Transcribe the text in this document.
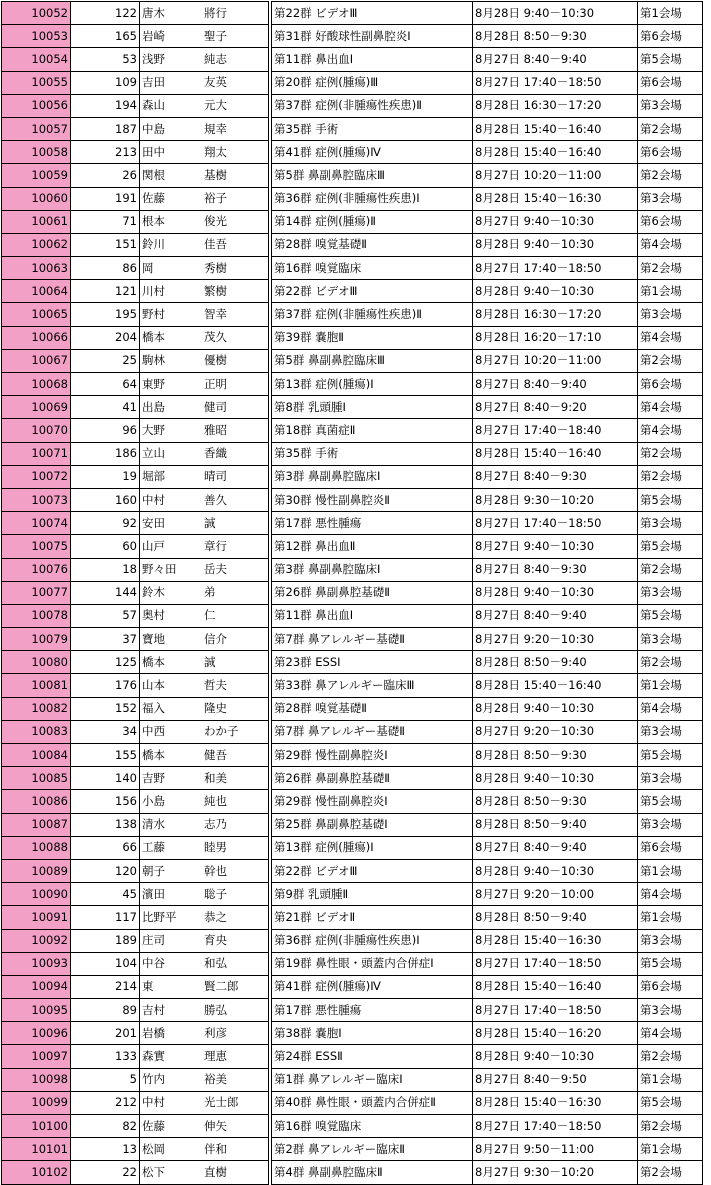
10052	122	唐木 將行		第22群 ビデオⅢ	8月28日 9:40－10:30	第1会場
10053	165	岩崎 聖子		第31群 好酸球性副鼻腔炎Ⅰ	8月28日 8:50－9:30	第6会場
10054	53	浅野 純志		第11群 鼻出血Ⅰ	8月27日 8:40－9:40	第5会場
10055	109	吉田 友英		第20群 症例(腫瘍)Ⅲ	8月27日 17:40－18:50	第6会場
10056	194	森山 元大		第37群 症例(非腫瘍性疾患)Ⅱ	8月28日 16:30－17:20	第3会場
10057	187	中島 規幸		第35群 手術	8月28日 15:40－16:40	第2会場
10058	213	田中 翔太		第41群 症例(腫瘍)Ⅳ	8月28日 15:40－16:40	第6会場
10059	26	関根 基樹		第5群 鼻副鼻腔臨床Ⅲ	8月27日 10:20－11:00	第2会場
10060	191	佐藤 裕子		第36群 症例(非腫瘍性疾患)Ⅰ	8月28日 15:40－16:30	第3会場
10061	71	根本 俊光		第14群 症例(腫瘍)Ⅱ	8月27日 9:40－10:30	第6会場
10062	151	鈴川 佳吾		第28群 嗅覚基礎Ⅱ	8月28日 9:40－10:30	第4会場
10063	86	岡 秀樹		第16群 嗅覚臨床	8月27日 17:40－18:50	第2会場
10064	121	川村 繁樹		第22群 ビデオⅢ	8月28日 9:40－10:30	第1会場
10065	195	野村 智幸		第37群 症例(非腫瘍性疾患)Ⅱ	8月28日 16:30－17:20	第3会場
10066	204	橋本 茂久		第39群 嚢胞Ⅱ	8月28日 16:20－17:10	第4会場
10067	25	駒林 優樹		第5群 鼻副鼻腔臨床Ⅲ	8月27日 10:20－11:00	第2会場
10068	64	東野 正明		第13群 症例(腫瘍)Ⅰ	8月27日 8:40－9:40	第6会場
10069	41	出島 健司		第8群 乳頭腫Ⅰ	8月27日 8:40－9:20	第4会場
10070	96	大野 雅昭		第18群 真菌症Ⅱ	8月27日 17:40－18:40	第4会場
10071	186	立山 香織		第35群 手術	8月28日 15:40－16:40	第2会場
10072	19	堀部 晴司		第3群 鼻副鼻腔臨床Ⅰ	8月27日 8:40－9:30	第2会場
10073	160	中村 善久		第30群 慢性副鼻腔炎Ⅱ	8月28日 9:30－10:20	第5会場
10074	92	安田 誠		第17群 悪性腫瘍	8月27日 17:40－18:50	第3会場
10075	60	山戸 章行		第12群 鼻出血Ⅱ	8月27日 9:40－10:30	第5会場
10076	18	野々田 岳夫		第3群 鼻副鼻腔臨床Ⅰ	8月27日 8:40－9:30	第2会場
10077	144	鈴木 弟		第26群 鼻副鼻腔基礎Ⅱ	8月28日 9:40－10:30	第3会場
10078	57	奥村 仁		第11群 鼻出血Ⅰ	8月27日 8:40－9:40	第5会場
10079	37	寶地 信介		第7群 鼻アレルギー基礎Ⅱ	8月27日 9:20－10:30	第3会場
10080	125	橋本 誠		第23群 ESSⅠ	8月28日 8:50－9:40	第2会場
10081	176	山本 哲夫		第33群 鼻アレルギー臨床Ⅲ	8月28日 15:40－16:40	第1会場
10082	152	福入 隆史		第28群 嗅覚基礎Ⅱ	8月28日 9:40－10:30	第4会場
10083	34	中西 わか子		第7群 鼻アレルギー基礎Ⅱ	8月27日 9:20－10:30	第3会場
10084	155	橋本 健吾		第29群 慢性副鼻腔炎Ⅰ	8月28日 8:50－9:30	第5会場
10085	140	吉野 和美		第26群 鼻副鼻腔基礎Ⅱ	8月28日 9:40－10:30	第3会場
10086	156	小島 純也		第29群 慢性副鼻腔炎Ⅰ	8月28日 8:50－9:30	第5会場
10087	138	清水 志乃		第25群 鼻副鼻腔基礎Ⅰ	8月28日 8:50－9:40	第3会場
10088	66	工藤 睦男		第13群 症例(腫瘍)Ⅰ	8月27日 8:40－9:40	第6会場
10089	120	朝子 幹也		第22群 ビデオⅢ	8月28日 9:40－10:30	第1会場
10090	45	濱田 聡子		第9群 乳頭腫Ⅱ	8月27日 9:20－10:00	第4会場
10091	117	比野平 恭之		第21群 ビデオⅡ	8月28日 8:50－9:40	第1会場
10092	189	庄司 育央		第36群 症例(非腫瘍性疾患)Ⅰ	8月28日 15:40－16:30	第3会場
10093	104	中谷 和弘		第19群 鼻性眼・頭蓋内合併症Ⅰ	8月27日 17:40－18:50	第5会場
10094	214	東 賢二郎		第41群 症例(腫瘍)Ⅳ	8月28日 15:40－16:40	第6会場
10095	89	吉村 勝弘		第17群 悪性腫瘍	8月27日 17:40－18:50	第3会場
10096	201	岩橋 利彦		第38群 嚢胞Ⅰ	8月28日 15:40－16:20	第4会場
10097	133	森實 理恵		第24群 ESSⅡ	8月28日 9:40－10:30	第2会場
10098	5	竹内 裕美		第1群 鼻アレルギー臨床Ⅰ	8月27日 8:40－9:50	第1会場
10099	212	中村 光士郎		第40群 鼻性眼・頭蓋内合併症Ⅱ	8月28日 15:40－16:30	第5会場
10100	82	佐藤 伸矢		第16群 嗅覚臨床	8月27日 17:40－18:50	第2会場
10101	13	松岡 伴和		第2群 鼻アレルギー臨床Ⅱ	8月27日 9:50－11:00	第1会場
10102	22	松下 直樹		第4群 鼻副鼻腔臨床Ⅱ	8月27日 9:30－10:20	第2会場
